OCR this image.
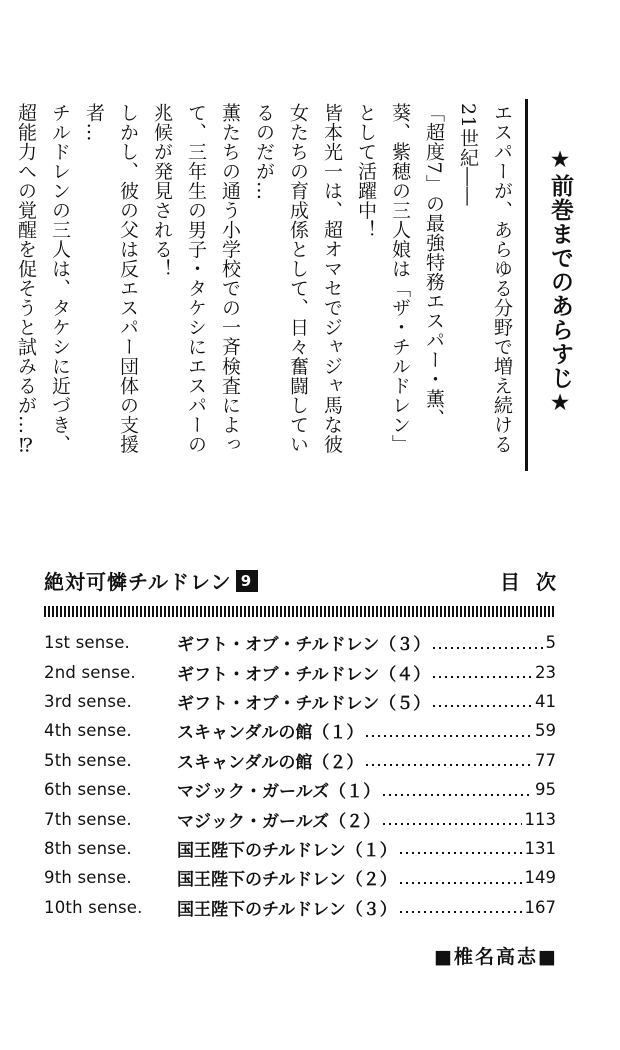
★前巻までのあらすじ★

エスパーが、あらゆる分野で増え続ける21世紀――

「超度7」の最強特務エスパー・薫、葵、紫穂の三人娘は「ザ・チルドレン」として活躍中！

皆本光一は、超オマセでジャジャ馬な彼女たちの育成係として、日々奮闘しているのだが…

薫たちの通う小学校での一斉検査によって、三年生の男子・タケシにエスパーの兆候が発見される！

しかし、彼の父は反エスパー団体の支援者…

チルドレンの三人は、タケシに近づき、超能力への覚醒を促そうと試みるが…⁉

絶対可憐チルドレン 9	目次
1st sense.	ギフト・オブ・チルドレン（３）	5
2nd sense.	ギフト・オブ・チルドレン（４）	23
3rd sense.	ギフト・オブ・チルドレン（５）	41
4th sense.	スキャンダルの館（１）	59
5th sense.	スキャンダルの館（２）	77
6th sense.	マジック・ガールズ（１）	95
7th sense.	マジック・ガールズ（２）	113
8th sense.	国王陛下のチルドレン（１）	131
9th sense.	国王陛下のチルドレン（２）	149
10th sense.	国王陛下のチルドレン（３）	167
■椎名高志■
